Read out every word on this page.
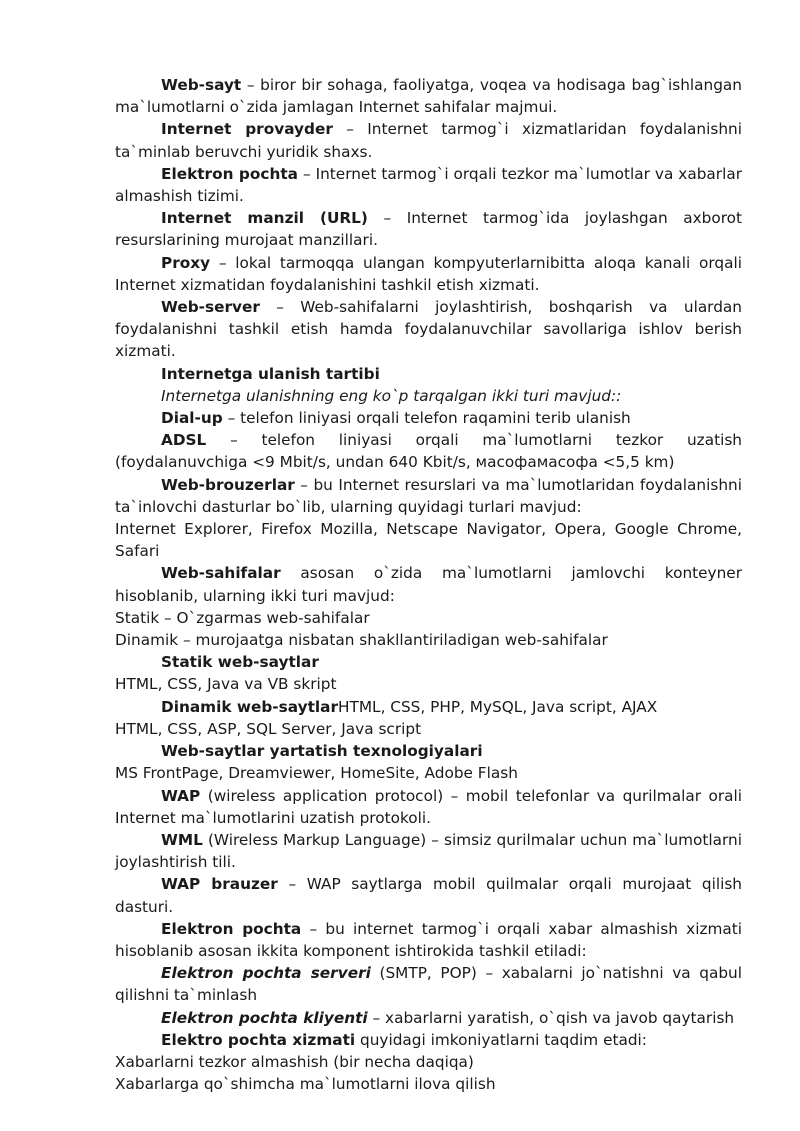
Web-sayt – biror bir sohaga, faoliyatga, voqea va hodisaga bag`ishlangan ma`lumotlarni o`zida jamlagan Internet sahifalar majmui.

Internet provayder – Internet tarmog`i xizmatlaridan foydalanishni ta`minlab beruvchi yuridik shaxs.

Elektron pochta – Internet tarmog`i orqali tezkor ma`lumotlar va xabarlar almashish tizimi.

Internet manzil (URL) – Internet tarmog`ida joylashgan axborot resurslarining murojaat manzillari.

Proxy – lokal tarmoqqa ulangan kompyuterlarnibitta aloqa kanali orqali Internet xizmatidan foydalanishini tashkil etish xizmati.

Web-server – Web-sahifalarni joylashtirish, boshqarish va ulardan foydalanishni tashkil etish hamda foydalanuvchilar savollariga ishlov berish xizmati.

Internetga ulanish tartibi

Internetga ulanishning eng ko`p tarqalgan ikki turi mavjud::

Dial-up – telefon liniyasi orqali telefon raqamini terib ulanish

ADSL – telefon liniyasi orqali ma`lumotlarni tezkor uzatish (foydalanuvchiga <9 Mbit/s, undan 640 Kbit/s, масофамасофа <5,5 km)

Web-brouzerlar – bu Internet resurslari va ma`lumotlaridan foydalanishni ta`inlovchi dasturlar bo`lib, ularning quyidagi turlari mavjud:

Internet Explorer, Firefox Mozilla, Netscape Navigator, Opera, Google Chrome, Safari

Web-sahifalar asosan o`zida ma`lumotlarni jamlovchi konteyner hisoblanib, ularning ikki turi mavjud:

Statik – O`zgarmas web-sahifalar

Dinamik – murojaatga nisbatan shakllantiriladigan web-sahifalar

Statik web-saytlar

HTML, CSS, Java va VB skript

Dinamik web-saytlarHTML, CSS, PHP, MySQL, Java script, AJAX

HTML, CSS, ASP, SQL Server, Java script

Web-saytlar yartatish texnologiyalari

MS FrontPage, Dreamviewer, HomeSite, Adobe Flash

WAP (wireless application protocol) – mobil telefonlar va qurilmalar orali Internet ma`lumotlarini uzatish protokoli.

WML (Wireless Markup Language) – simsiz qurilmalar uchun ma`lumotlarni joylashtirish tili.

WAP brauzer – WAP saytlarga mobil quilmalar orqali murojaat qilish dasturi.

Elektron pochta – bu internet tarmog`i orqali xabar almashish xizmati hisoblanib asosan ikkita komponent ishtirokida tashkil etiladi:

Elektron pochta serveri (SMTP, POP) – xabalarni jo`natishni va qabul qilishni ta`minlash

Elektron pochta kliyenti – xabarlarni yaratish, o`qish va javob qaytarish

Elektro pochta xizmati quyidagi imkoniyatlarni taqdim etadi:

Xabarlarni tezkor almashish (bir necha daqiqa)

Xabarlarga qo`shimcha ma`lumotlarni ilova qilish
